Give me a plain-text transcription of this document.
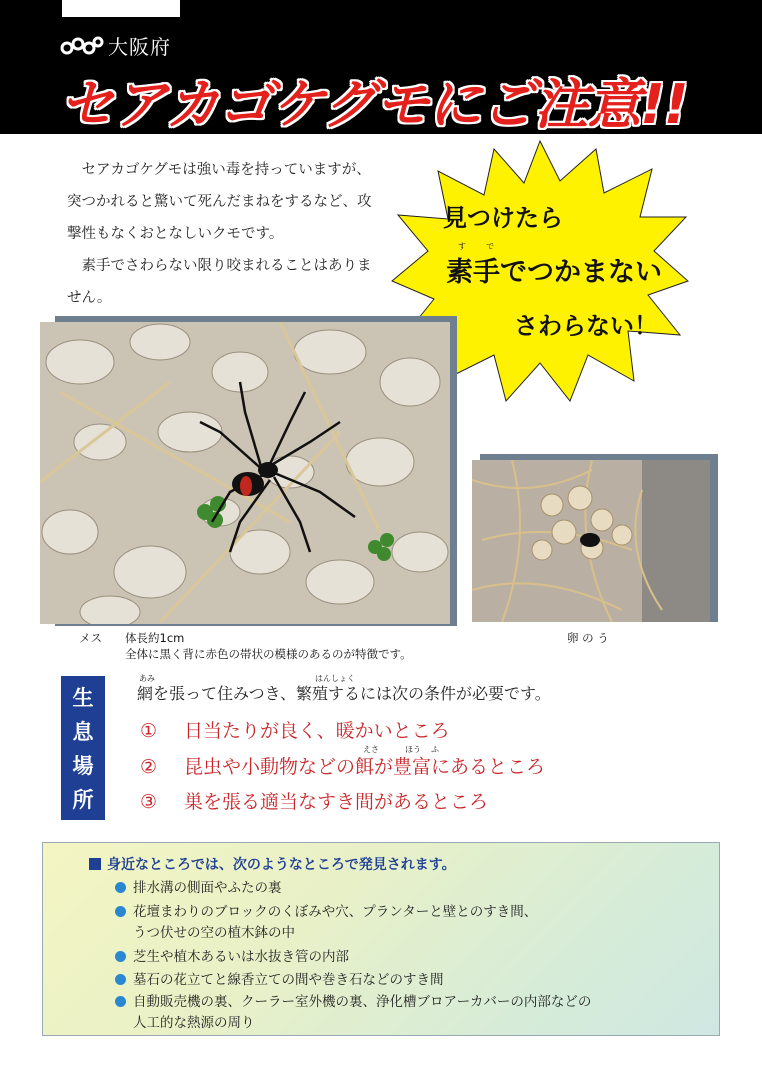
大阪府
セアカゴケグモにご注意!!

セアカゴケグモは強い毒を持っていますが、突つかれると驚いて死んだまねをするなど、攻撃性もなくおとなしいクモです。

素手でさわらない限り咬まれることはありません。

見つけたら
素手でつかまない
さわらない！
す	で
メス 体長約1cm
全体に黒く背に赤色の帯状の模様のあるのが特徴です。
卵 の う
生
息
場
所
あみ	はんしょく
網を張って住みつき、繁殖するには次の条件が必要です。
① 日当たりが良く、暖かいところ
えさ	ほう ふ
② 昆虫や小動物などの餌が豊富にあるところ
③ 巣を張る適当なすき間があるところ
身近なところでは、次のようなところで発見されます。
排水溝の側面やふたの裏
花壇まわりのブロックのくぼみや穴、プランターと壁とのすき間、
うつ伏せの空の植木鉢の中
芝生や植木あるいは水抜き管の内部
墓石の花立てと線香立ての間や巻き石などのすき間
自動販売機の裏、クーラー室外機の裏、浄化槽ブロアーカバーの内部などの
人工的な熱源の周り
